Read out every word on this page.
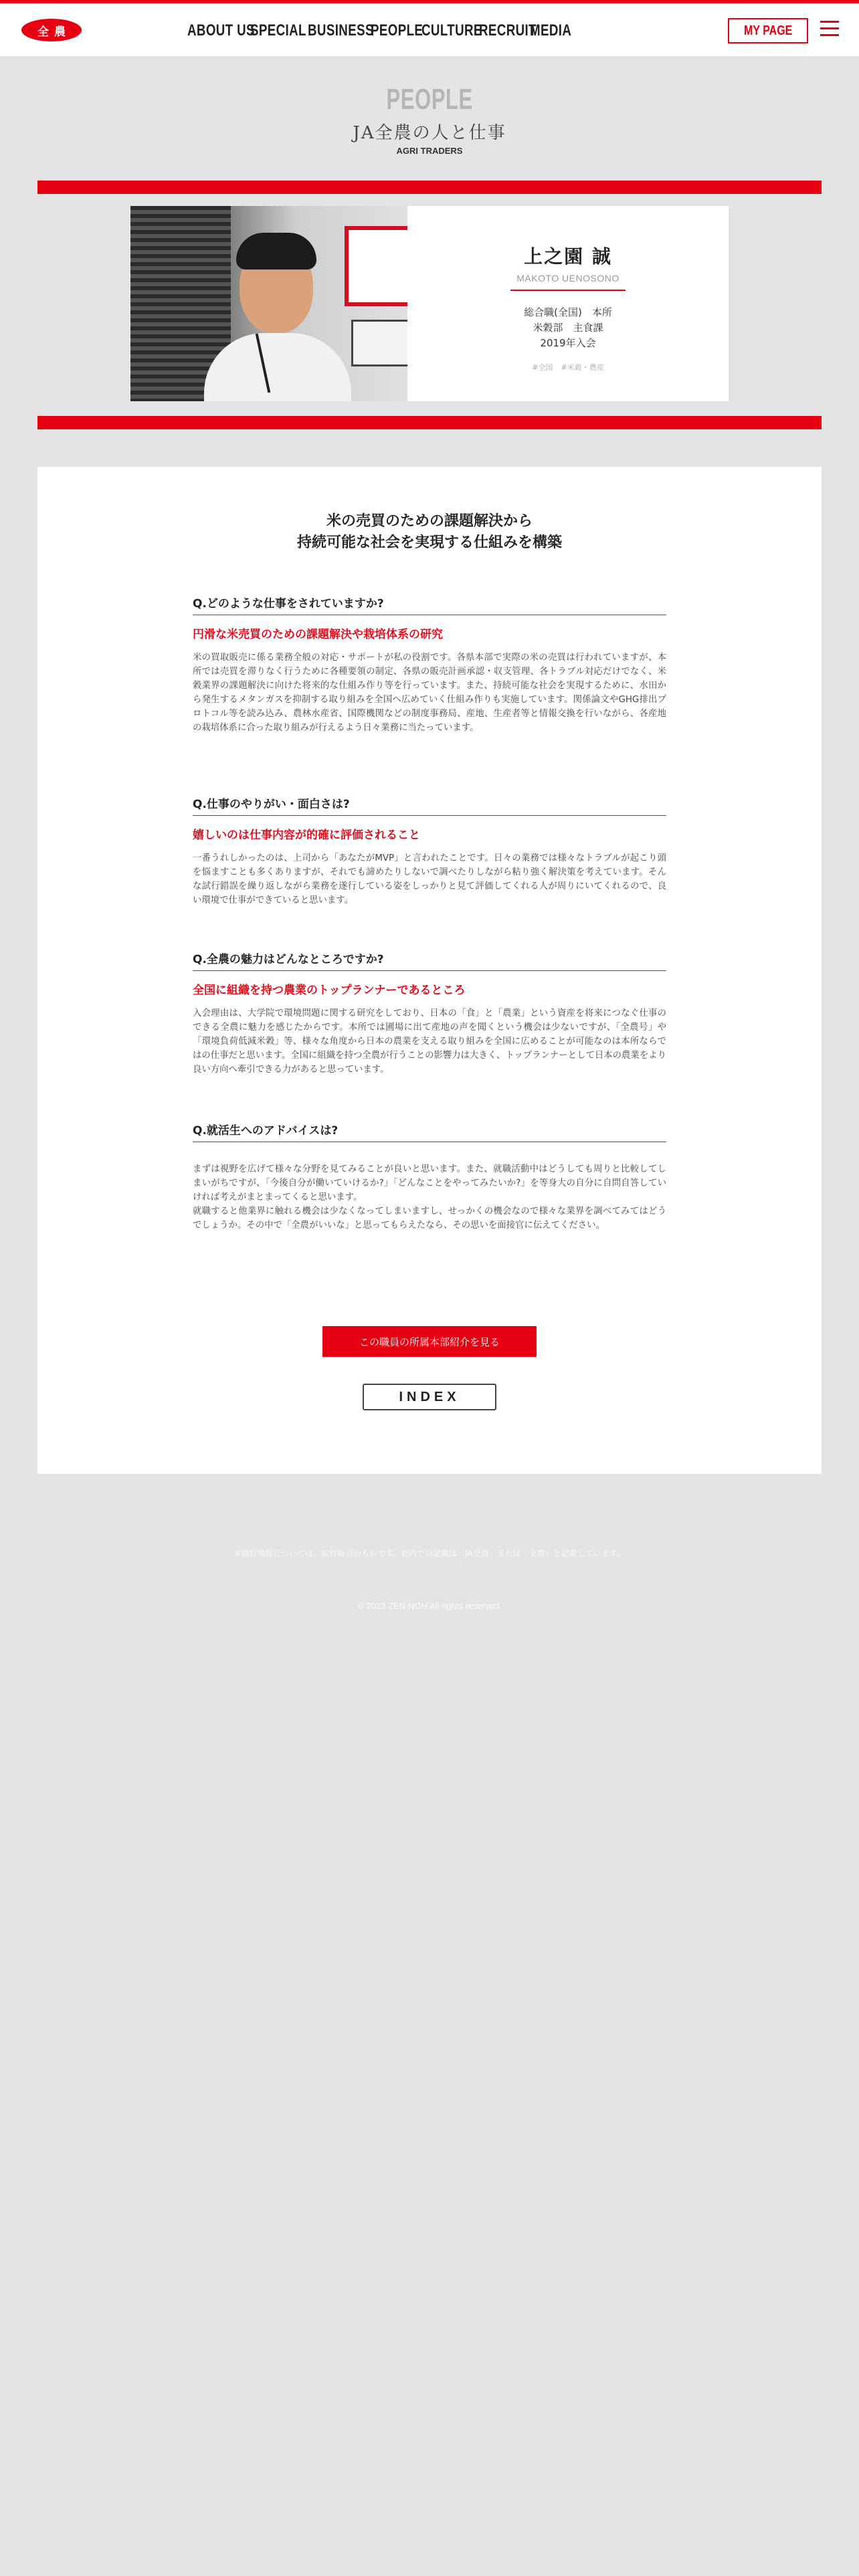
全農	ABOUT US
SPECIAL BUSINESS
PEOPLE
CULTURE
RECRUIT
MEDIA	MY PAGE
PEOPLE
JA全農の人と仕事
AGRI TRADERS
上之園 誠
MAKOTO UENOSONO
総合職(全国)　本所
米穀部　主食課
2019年入会
#全国 #米穀・農産
米の売買のための課題解決から
持続可能な社会を実現する仕組みを構築
Q.どのような仕事をされていますか?
円滑な米売買のための課題解決や栽培体系の研究
米の買取販売に係る業務全般の対応・サポートが私の役割です。各県本部で実際の米の売買は行われていますが、本所では売買を滞りなく行うために各種要領の制定、各県の販売計画承認・収支管理、各トラブル対応だけでなく、米穀業界の課題解決に向けた将来的な仕組み作り等を行っています。また、持続可能な社会を実現するために、水田から発生するメタンガスを抑制する取り組みを全国へ広めていく仕組み作りも実施しています。関係論文やGHG排出プロトコル等を読み込み、農林水産省、国際機関などの制度事務局、産地、生産者等と情報交換を行いながら、各産地の栽培体系に合った取り組みが行えるよう日々業務に当たっています。
Q.仕事のやりがい・面白さは?
嬉しいのは仕事内容が的確に評価されること
一番うれしかったのは、上司から「あなたがMVP」と言われたことです。日々の業務では様々なトラブルが起こり頭を悩ますことも多くありますが、それでも諦めたりしないで調べたりしながら粘り強く解決策を考えています。そんな試行錯誤を繰り返しながら業務を遂行している姿をしっかりと見て評価してくれる人が周りにいてくれるので、良い環境で仕事ができていると思います。
Q.全農の魅力はどんなところですか?
全国に組織を持つ農業のトップランナーであるところ
入会理由は、大学院で環境問題に関する研究をしており、日本の「食」と「農業」という資産を将来につなぐ仕事のできる全農に魅力を感じたからです。本所では圃場に出て産地の声を聞くという機会は少ないですが、「全農号」や「環境負荷低減米穀」等、様々な角度から日本の農業を支える取り組みを全国に広めることが可能なのは本所ならではの仕事だと思います。全国に組織を持つ全農が行うことの影響力は大きく、トップランナーとして日本の農業をより良い方向へ牽引できる力があると思っています。
Q.就活生へのアドバイスは?
まずは視野を広げて様々な分野を見てみることが良いと思います。また、就職活動中はどうしても周りと比較してしまいがちですが、「今後自分が働いていけるか?」「どんなことをやってみたいか?」を等身大の自分に自問自答していければ考えがまとまってくると思います。
就職すると他業界に触れる機会は少なくなってしまいますし、せっかくの機会なので様々な業界を調べてみてはどうでしょうか。その中で「全農がいいな」と思ってもらえたなら、その思いを面接官に伝えてください。
この職員の所属本部紹介を見る
INDEX
※職員情報については、取材時点のものです。社内での記載は「JA全農」または「全農」と記載しています。
© 2023 ZEN-NOH All rights reserved.
